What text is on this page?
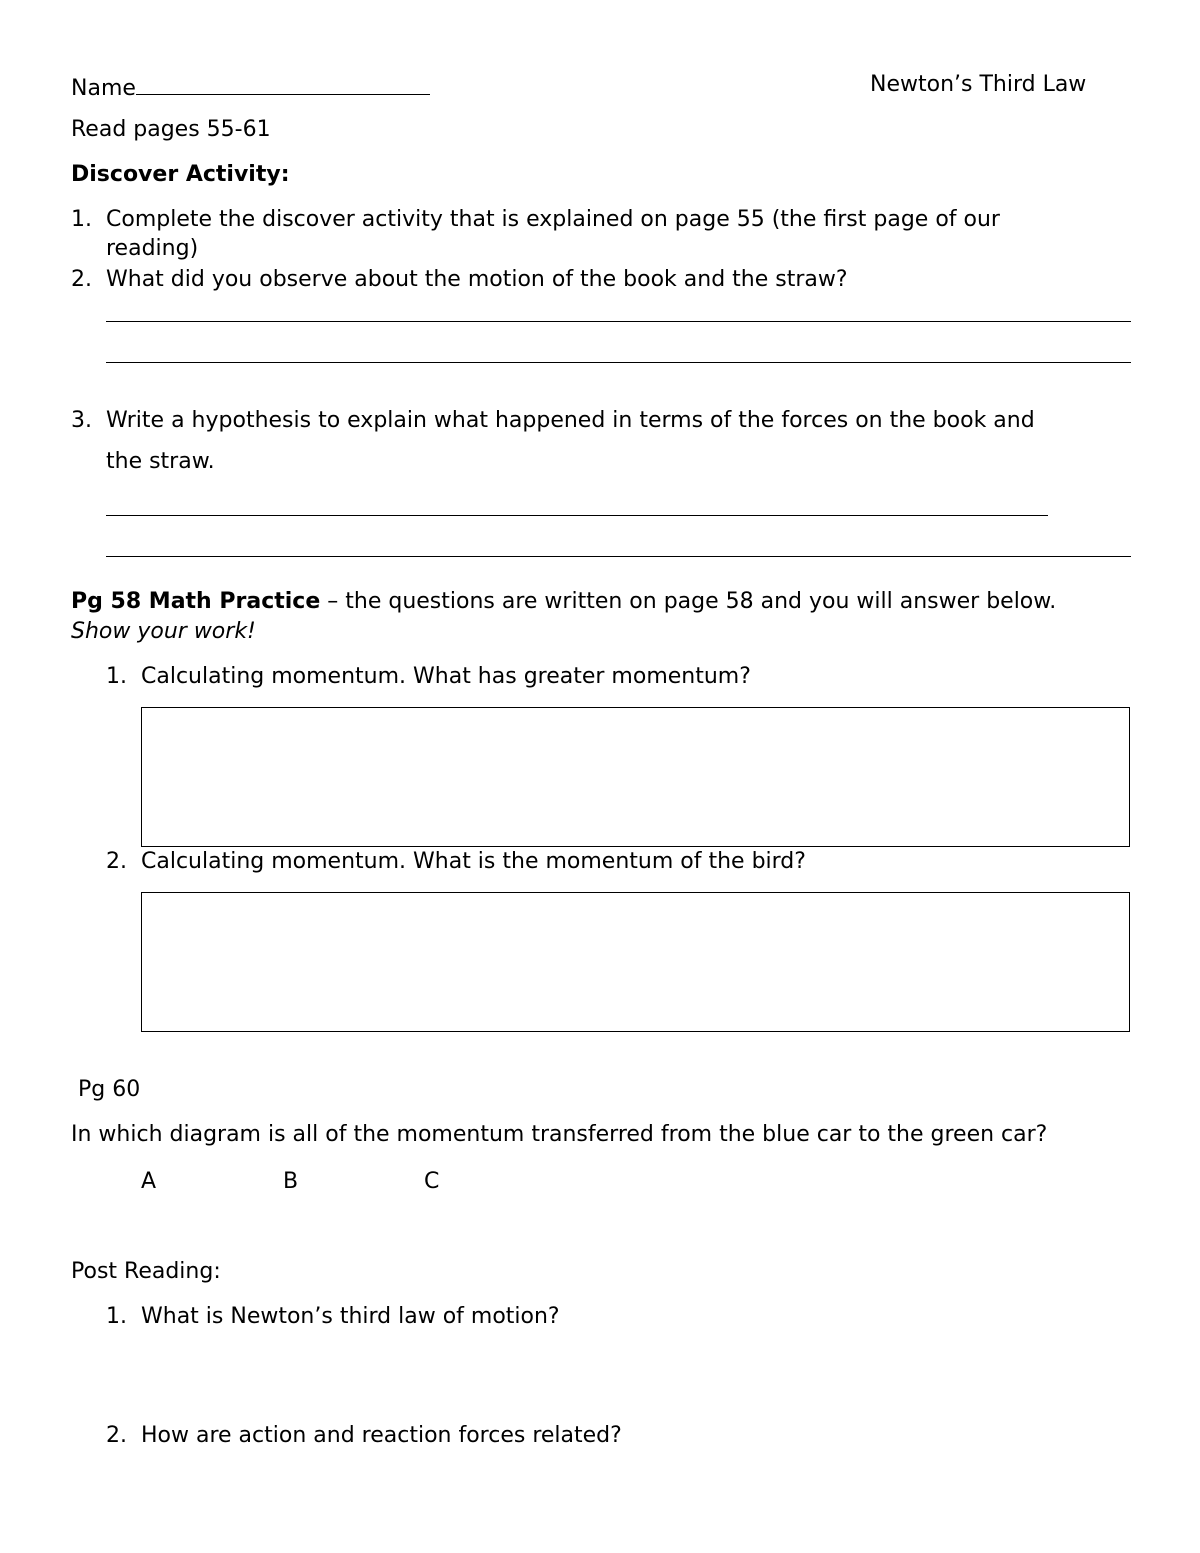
Name	Newton’s Third Law
Read pages 55-61
Discover Activity:
1. Complete the discover activity that is explained on page 55 (the first page of our
reading)
2. What did you observe about the motion of the book and the straw?
3. Write a hypothesis to explain what happened in terms of the forces on the book and
the straw.
Pg 58 Math Practice – the questions are written on page 58 and you will answer below.
Show your work!
1. Calculating momentum. What has greater momentum?
2. Calculating momentum. What is the momentum of the bird?
Pg 60
In which diagram is all of the momentum transferred from the blue car to the green car?
A	B	C
Post Reading:
1. What is Newton’s third law of motion?
2. How are action and reaction forces related?
